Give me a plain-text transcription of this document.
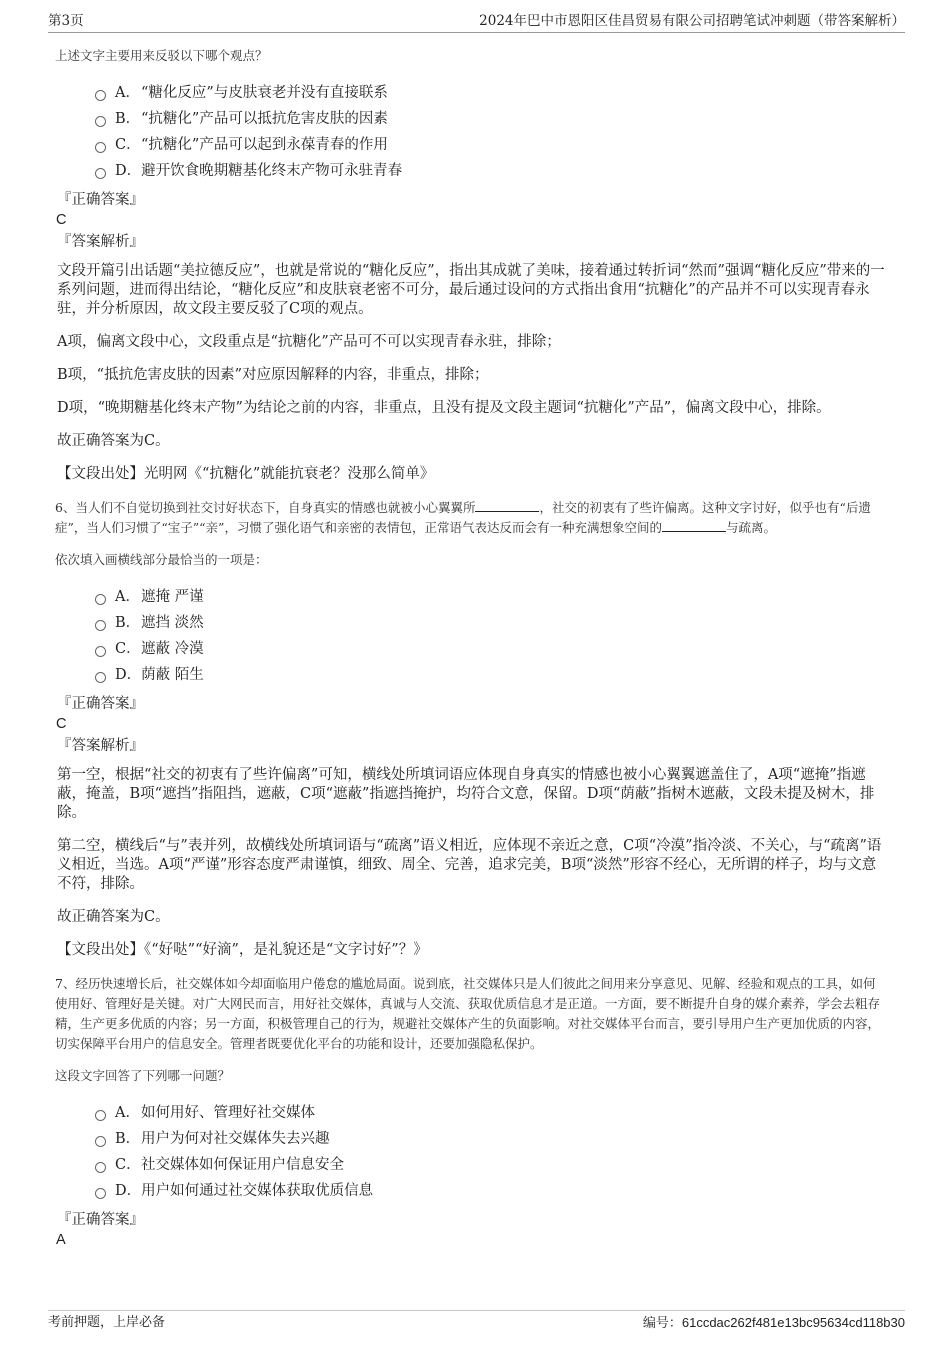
第3页	2024年巴中市恩阳区佳昌贸易有限公司招聘笔试冲刺题（带答案解析）

上述文字主要用来反驳以下哪个观点？

A．“糖化反应”与皮肤衰老并没有直接联系
B．“抗糖化”产品可以抵抗危害皮肤的因素
C．“抗糖化”产品可以起到永葆青春的作用
D．避开饮食晚期糖基化终末产物可永驻青春

『正确答案』

C

『答案解析』

文段开篇引出话题“美拉德反应”，也就是常说的“糖化反应”，指出其成就了美味，接着通过转折词“然而”强调“糖化反应”带来的一系列问题，进而得出结论，“糖化反应”和皮肤衰老密不可分，最后通过设问的方式指出食用“抗糖化”的产品并不可以实现青春永驻，并分析原因，故文段主要反驳了C项的观点。

A项，偏离文段中心，文段重点是“抗糖化”产品可不可以实现青春永驻，排除；

B项，“抵抗危害皮肤的因素”对应原因解释的内容，非重点，排除；

D项，“晚期糖基化终末产物”为结论之前的内容，非重点，且没有提及文段主题词“抗糖化”产品”，偏离文段中心，排除。

故正确答案为C。

【文段出处】光明网《“抗糖化”就能抗衰老？没那么简单》

6、当人们不自觉切换到社交讨好状态下，自身真实的情感也就被小心翼翼所	，社交的初衷有了些许偏离。这种文字讨好，似乎也有“后遗症”，当人们习惯了“宝子”“亲”，习惯了强化语气和亲密的表情包，正常语气表达反而会有一种充满想象空间的	与疏离。

依次填入画横线部分最恰当的一项是：

A．遮掩 严谨
B．遮挡 淡然
C．遮蔽 冷漠
D．荫蔽 陌生

『正确答案』

C

『答案解析』

第一空，根据“社交的初衷有了些许偏离”可知，横线处所填词语应体现自身真实的情感也被小心翼翼遮盖住了，A项“遮掩”指遮蔽，掩盖，B项“遮挡”指阻挡，遮蔽，C项“遮蔽”指遮挡掩护，均符合文意，保留。D项“荫蔽”指树木遮蔽，文段未提及树木，排除。

第二空，横线后“与”表并列，故横线处所填词语与“疏离”语义相近，应体现不亲近之意，C项“冷漠”指冷淡、不关心，与“疏离”语义相近，当选。A项“严谨”形容态度严肃谨慎，细致、周全、完善，追求完美，B项“淡然”形容不经心，无所谓的样子，均与文意不符，排除。

故正确答案为C。

【文段出处】《“好哒”“好滴”，是礼貌还是“文字讨好”？》

7、经历快速增长后，社交媒体如今却面临用户倦怠的尴尬局面。说到底，社交媒体只是人们彼此之间用来分享意见、见解、经验和观点的工具，如何使用好、管理好是关键。对广大网民而言，用好社交媒体，真诚与人交流、获取优质信息才是正道。一方面，要不断提升自身的媒介素养，学会去粗存精，生产更多优质的内容；另一方面，积极管理自己的行为，规避社交媒体产生的负面影响。对社交媒体平台而言，要引导用户生产更加优质的内容，切实保障平台用户的信息安全。管理者既要优化平台的功能和设计，还要加强隐私保护。

这段文字回答了下列哪一问题？

A．如何用好、管理好社交媒体
B．用户为何对社交媒体失去兴趣
C．社交媒体如何保证用户信息安全
D．用户如何通过社交媒体获取优质信息

『正确答案』

A

考前押题，上岸必备	编号：61ccdac262f481e13bc95634cd118b30
